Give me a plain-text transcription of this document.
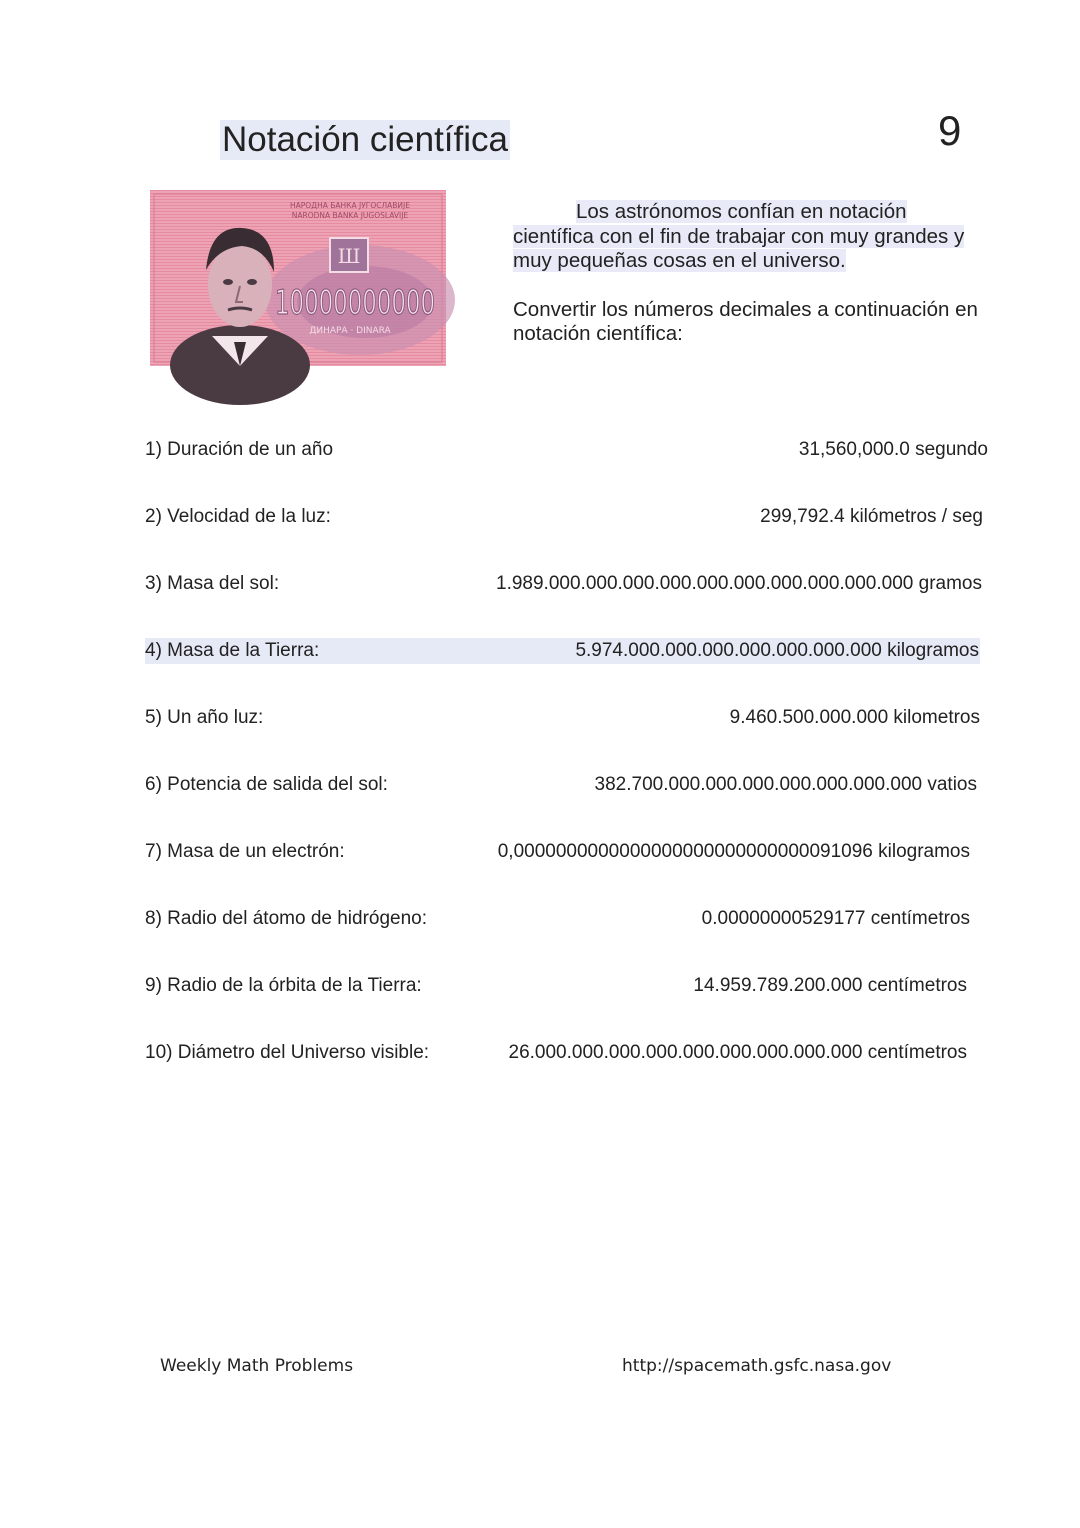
Notación científica	9
Ш
НАРОДНА БАНКА ЈУГОСЛАВИЈЕ
NARODNA BANKA JUGOSLAVIJE
10000000000
ДИНАРА · DINARA

Los astrónomos confían en notación científica con el fin de trabajar con muy grandes y muy pequeñas cosas en el universo.

Convertir los números decimales a continuación en notación científica:

1) Duración de un año	31,560,000.0 segundo
2) Velocidad de la luz:	299,792.4 kilómetros / seg
3) Masa del sol:	1.989.000.000.000.000.000.000.000.000.000.000 gramos
4) Masa de la Tierra:	5.974.000.000.000.000.000.000.000 kilogramos
5) Un año luz:	9.460.500.000.000 kilometros
6) Potencia de salida del sol:	382.700.000.000.000.000.000.000.000 vatios
7) Masa de un electrón:	0,0000000000000000000000000000091096 kilogramos
8) Radio del átomo de hidrógeno:	0.00000000529177 centímetros
9) Radio de la órbita de la Tierra:	14.959.789.200.000 centímetros
10) Diámetro del Universo visible:	26.000.000.000.000.000.000.000.000.000 centímetros
Weekly Math Problems	http://spacemath.gsfc.nasa.gov
